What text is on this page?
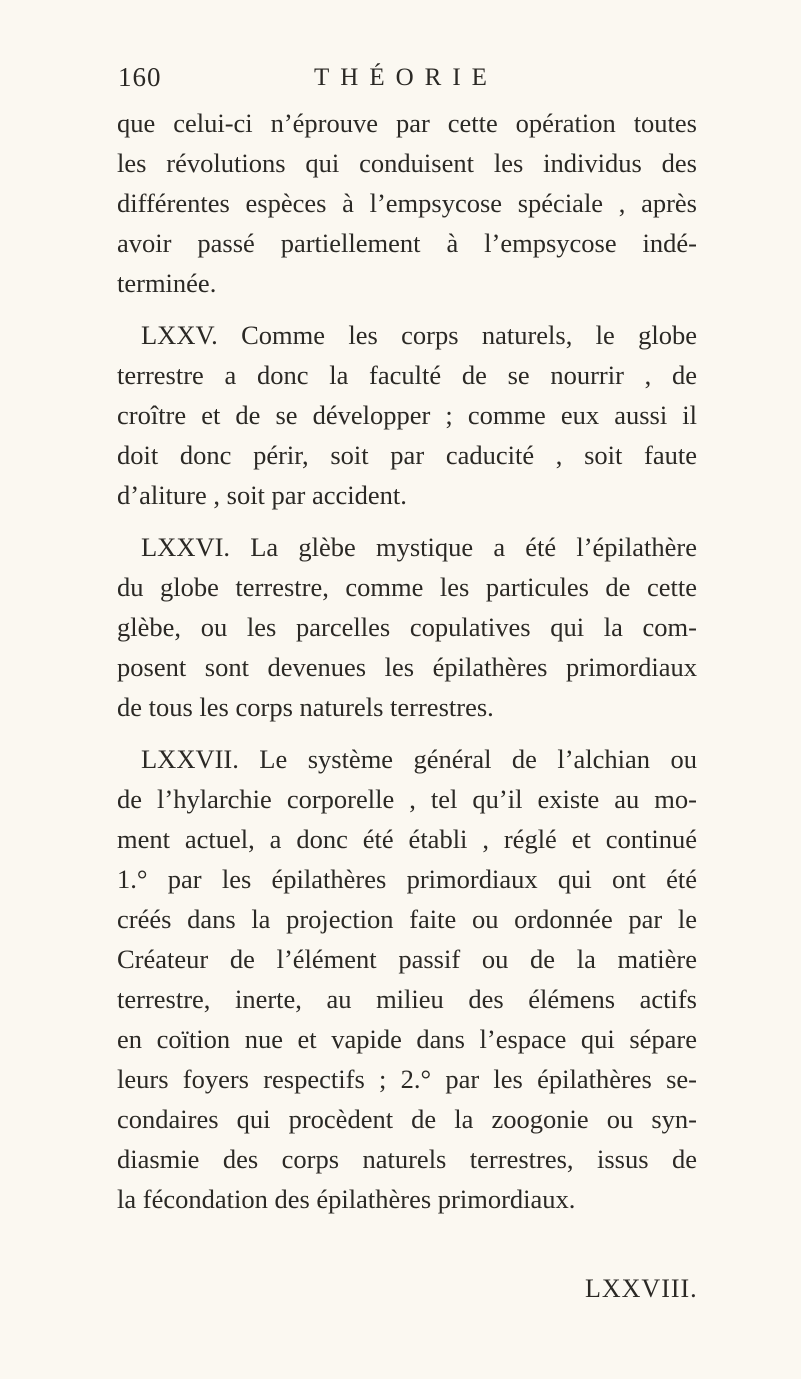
160	THÉORIE
que celui-ci n’éprouve par cette opération toutes
les révolutions qui conduisent les individus des
différentes espèces à l’empsycose spéciale , après
avoir passé partiellement à l’empsycose indé-
terminée.
LXXV. Comme les corps naturels, le globe
terrestre a donc la faculté de se nourrir , de
croître et de se développer ; comme eux aussi il
doit donc périr, soit par caducité , soit faute
d’aliture , soit par accident.
LXXVI. La glèbe mystique a été l’épilathère
du globe terrestre, comme les particules de cette
glèbe, ou les parcelles copulatives qui la com-
posent sont devenues les épilathères primordiaux
de tous les corps naturels terrestres.
LXXVII. Le système général de l’alchian ou
de l’hylarchie corporelle , tel qu’il existe au mo-
ment actuel, a donc été établi , réglé et continué
1.° par les épilathères primordiaux qui ont été
créés dans la projection faite ou ordonnée par le
Créateur de l’élément passif ou de la matière
terrestre, inerte, au milieu des élémens actifs
en coïtion nue et vapide dans l’espace qui sépare
leurs foyers respectifs ; 2.° par les épilathères se-
condaires qui procèdent de la zoogonie ou syn-
diasmie des corps naturels terrestres, issus de
la fécondation des épilathères primordiaux.
LXXVIII.
